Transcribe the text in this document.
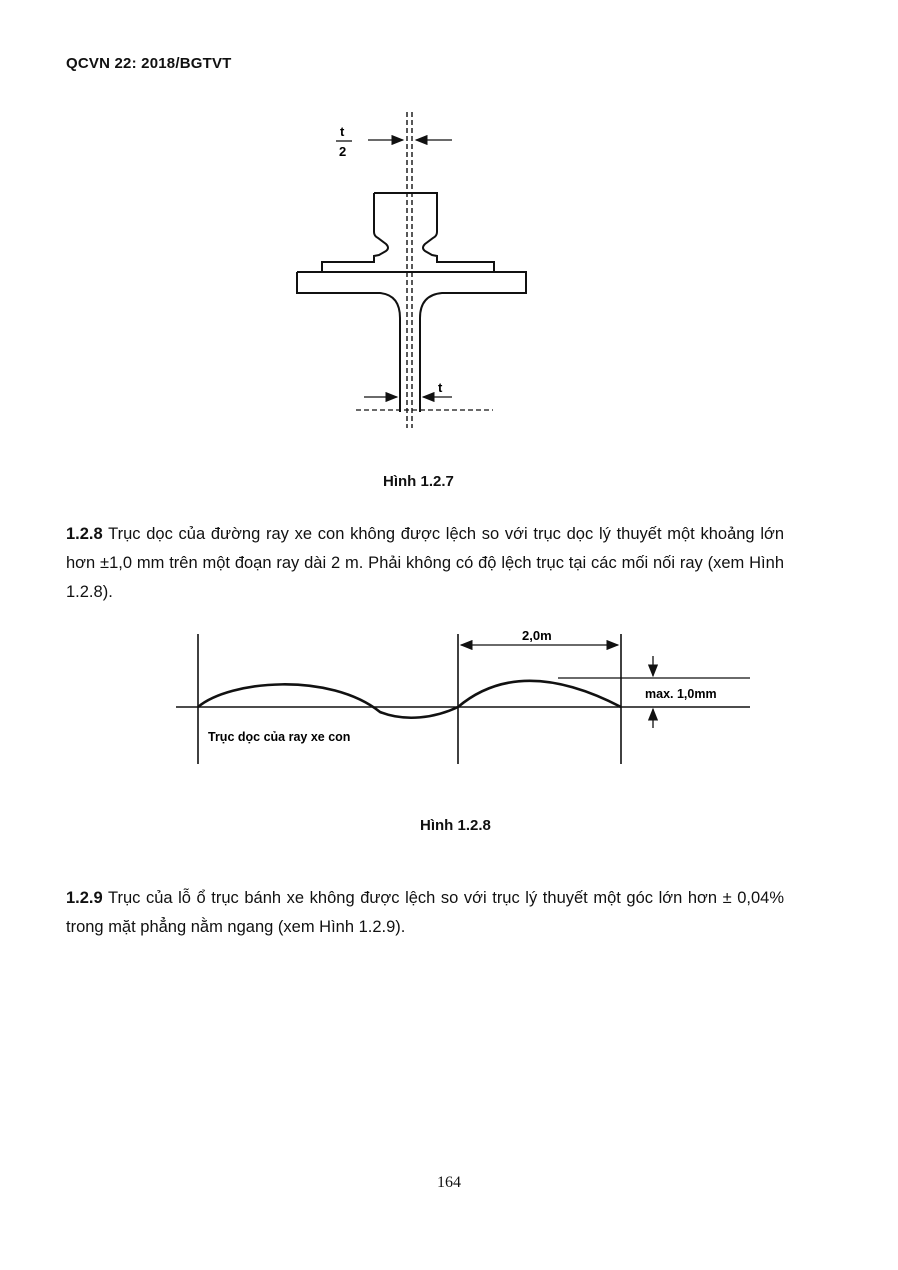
QCVN 22: 2018/BGTVT
t
2
t
Hình 1.2.7
1.2.8 Trục dọc của đường ray xe con không được lệch so với trục dọc lý thuyết một khoảng lớn hơn ±1,0 mm trên một đoạn ray dài 2 m. Phải không có độ lệch trục tại các mối nối ray (xem Hình 1.2.8).
2,0m
max. 1,0mm
Trục dọc của ray xe con
Hình 1.2.8
1.2.9 Trục của lỗ ổ trục bánh xe không được lệch so với trục lý thuyết một góc lớn hơn ± 0,04% trong mặt phẳng nằm ngang (xem Hình 1.2.9).
164
